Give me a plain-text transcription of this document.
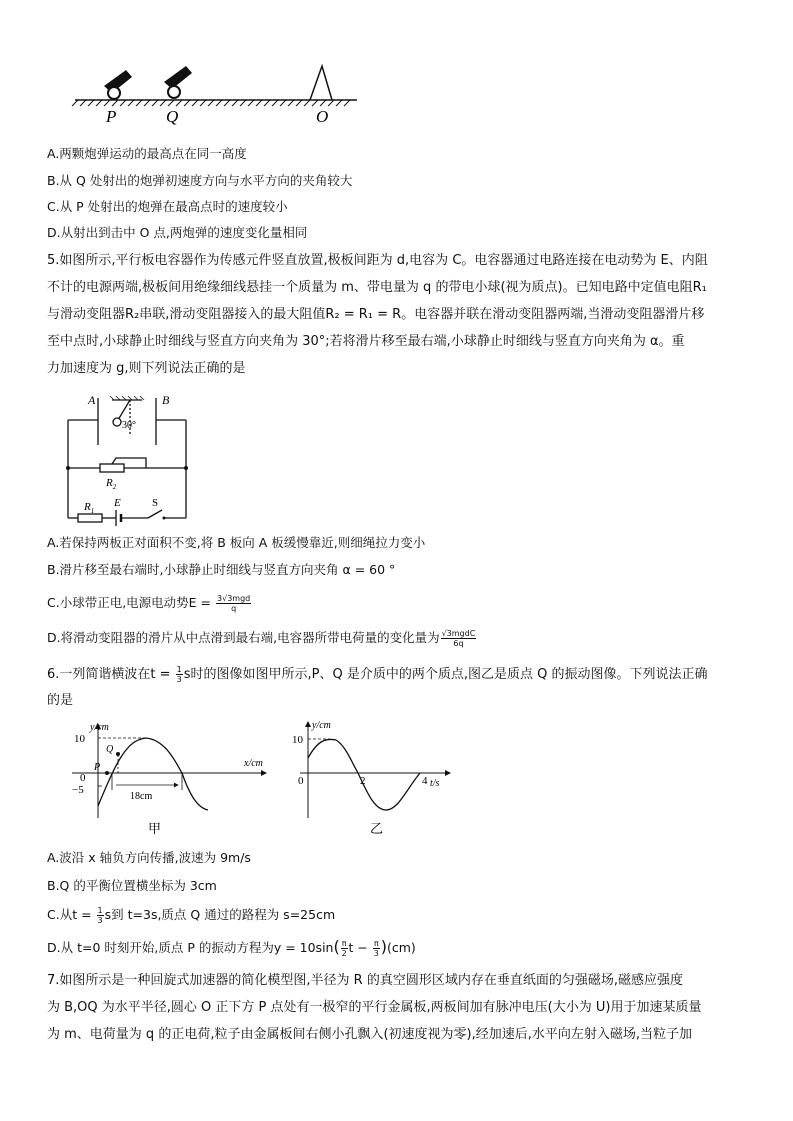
P	Q	O
A.两颗炮弹运动的最高点在同一高度
B.从 Q 处射出的炮弹初速度方向与水平方向的夹角较大
C.从 P 处射出的炮弹在最高点时的速度较小
D.从射出到击中 O 点,两炮弹的速度变化量相同
5.如图所示,平行板电容器作为传感元件竖直放置,极板间距为 d,电容为 C。电容器通过电路连接在电动势为 E、内阻
不计的电源两端,极板间用绝缘细线悬挂一个质量为 m、带电量为 q 的带电小球(视为质点)。已知电路中定值电阻R₁
与滑动变阻器R₂串联,滑动变阻器接入的最大阻值R₂ = R₁ = R。电容器并联在滑动变阻器两端,当滑动变阻器滑片移
至中点时,小球静止时细线与竖直方向夹角为 30°;若将滑片移至最右端,小球静止时细线与竖直方向夹角为 α。重
力加速度为 g,则下列说法正确的是
A	B
30°
$R_2$
$R_1$
E	S
A.若保持两板正对面积不变,将 B 板向 A 板缓慢靠近,则细绳拉力变小
B.滑片移至最右端时,小球静止时细线与竖直方向夹角 α = 60 °
C.小球带正电,电源电动势$E = \frac{\text{3√3mgd}}{q}$
D.将滑动变阻器的滑片从中点滑到最右端,电容器所带电荷量的变化量为 $\frac{\text{√3mgdC}}{6q}$
6.一列简谐横波在$t = \frac{1}{3}$ s时的图像如图甲所示,P、Q 是介质中的两个质点,图乙是质点 Q 的振动图像。下列说法正确
的是
y/cm
x/cm
10
0
−5
P
Q
18cm
甲
y/cm
t/s
10
0	2	4
乙
A.波沿 x 轴负方向传播,波速为 9m/s
B.Q 的平衡位置横坐标为 3cm
C.从$t = \frac{1}{3}$ s到 t=3s,质点 Q 通过的路程为 s=25cm
D.从 t=0 时刻开始,质点 P 的振动方程为$y = 10\sin( \frac{\pi}{2}$ $t - \frac{\pi}{3} )(cm)$
7.如图所示是一种回旋式加速器的简化模型图,半径为 R 的真空圆形区域内存在垂直纸面的匀强磁场,磁感应强度
为 B,OQ 为水平半径,圆心 O 正下方 P 点处有一极窄的平行金属板,两板间加有脉冲电压(大小为 U)用于加速某质量
为 m、电荷量为 q 的正电荷,粒子由金属板间右侧小孔飘入(初速度视为零),经加速后,水平向左射入磁场,当粒子加
